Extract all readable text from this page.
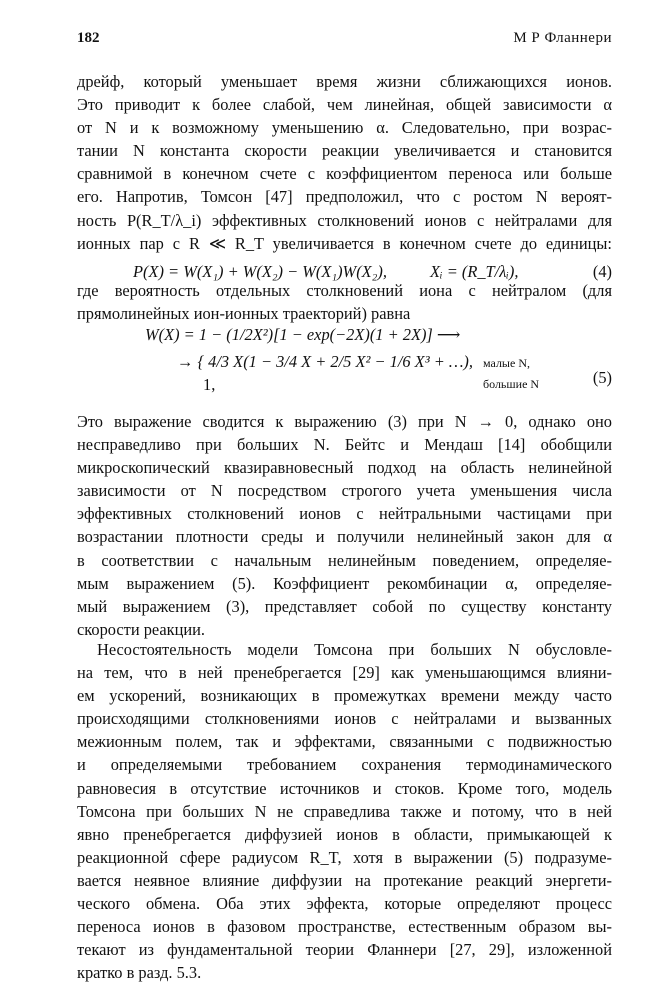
182	М Р Фланнери
дрейф, который уменьшает время жизни сближающихся ионов.
Это приводит к более слабой, чем линейная, общей зависимости α
от N и к возможному уменьшению α. Следовательно, при возрас-
тании N константа скорости реакции увеличивается и становится
сравнимой в конечном счете с коэффициентом переноса или больше
его. Напротив, Томсон [47] предположил, что с ростом N вероят-
ность P(R_T/λ_i) эффективных столкновений ионов с нейтралами для
ионных пар с R ≪ R_T увеличивается в конечном счете до единицы:
P(X) = W(X₁) + W(X₂) − W(X₁)W(X₂),	Xᵢ = (R_T/λᵢ),	(4)
где вероятность отдельных столкновений иона с нейтралом (для
прямолинейных ион-ионных траекторий) равна
W(X) = 1 − (1/2X²)[1 − exp(−2X)(1 + 2X)] ⟶
→ { 4/3 X(1 − 3/4 X + 2/5 X² − 1/6 X³ + …), малые N,
1,	большие N	(5)
Это выражение сводится к выражению (3) при N → 0, однако оно
несправедливо при больших N. Бейтс и Мендаш [14] обобщили
микроскопический квазиравновесный подход на область нелинейной
зависимости от N посредством строгого учета уменьшения числа
эффективных столкновений ионов с нейтральными частицами при
возрастании плотности среды и получили нелинейный закон для α
в соответствии с начальным нелинейным поведением, определяе-
мым выражением (5). Коэффициент рекомбинации α, определяе-
мый выражением (3), представляет собой по существу константу
скорости реакции.
Несостоятельность модели Томсона при больших N обусловле-
на тем, что в ней пренебрегается [29] как уменьшающимся влияни-
ем ускорений, возникающих в промежутках времени между часто
происходящими столкновениями ионов с нейтралами и вызванных
межионным полем, так и эффектами, связанными с подвижностью
и определяемыми требованием сохранения термодинамического
равновесия в отсутствие источников и стоков. Кроме того, модель
Томсона при больших N не справедлива также и потому, что в ней
явно пренебрегается диффузией ионов в области, примыкающей к
реакционной сфере радиусом R_T, хотя в выражении (5) подразуме-
вается неявное влияние диффузии на протекание реакций энергети-
ческого обмена. Оба этих эффекта, которые определяют процесс
переноса ионов в фазовом пространстве, естественным образом вы-
текают из фундаментальной теории Фланнери [27, 29], изложенной
кратко в разд. 5.3.
